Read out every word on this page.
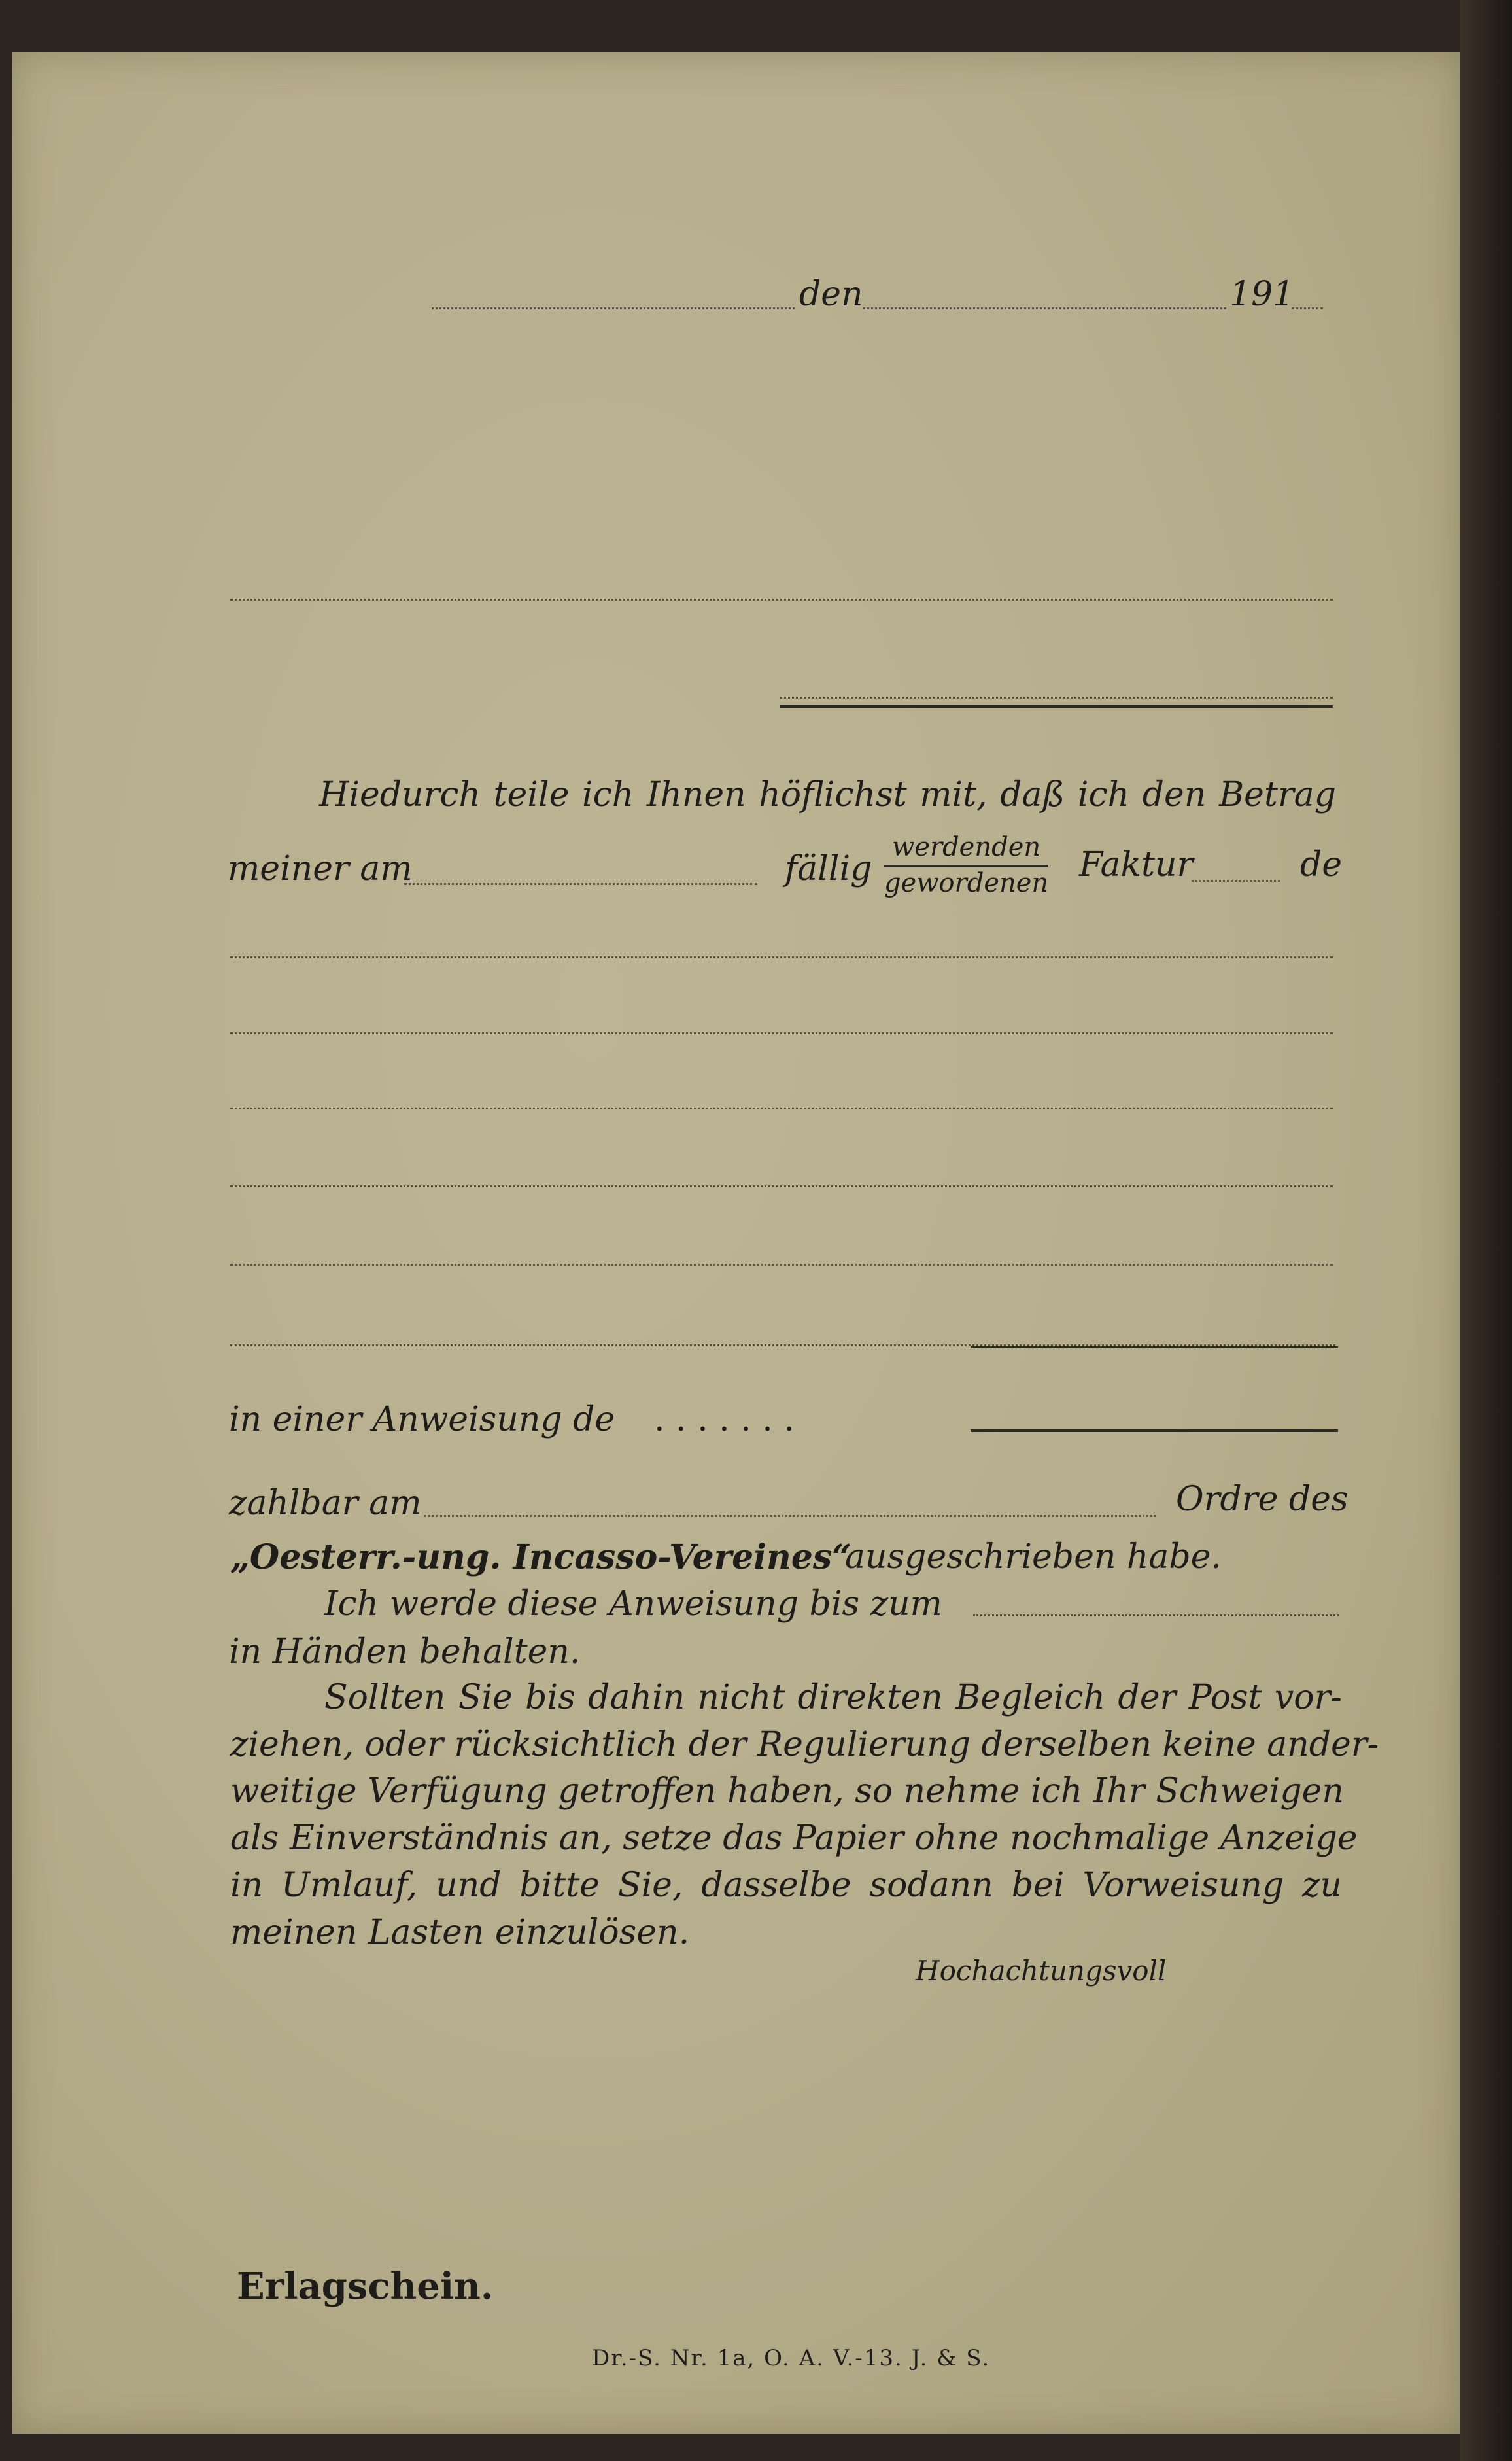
den	191
Hiedurch teile ich Ihnen höflichst mit, daß ich den Betrag
meiner am	fällig
werdenden
gewordenen Faktur	de
in einer Anweisung de . . . . . . .
zahlbar am	Ordre des
„Oesterr.-ung. Incasso-Vereines“
ausgeschrieben habe.
Ich werde diese Anweisung bis zum
in Händen behalten.
Sollten Sie bis dahin nicht direkten Begleich der Post vor-
ziehen, oder rücksichtlich der Regulierung derselben keine ander-
weitige Verfügung getroffen haben, so nehme ich Ihr Schweigen
als Einverständnis an, setze das Papier ohne nochmalige Anzeige
in Umlauf, und bitte Sie, dasselbe sodann bei Vorweisung zu
meinen Lasten einzulösen.
Hochachtungsvoll
Erlagschein.
Dr.-S. Nr. 1a, O. A. V.-13. J. & S.
